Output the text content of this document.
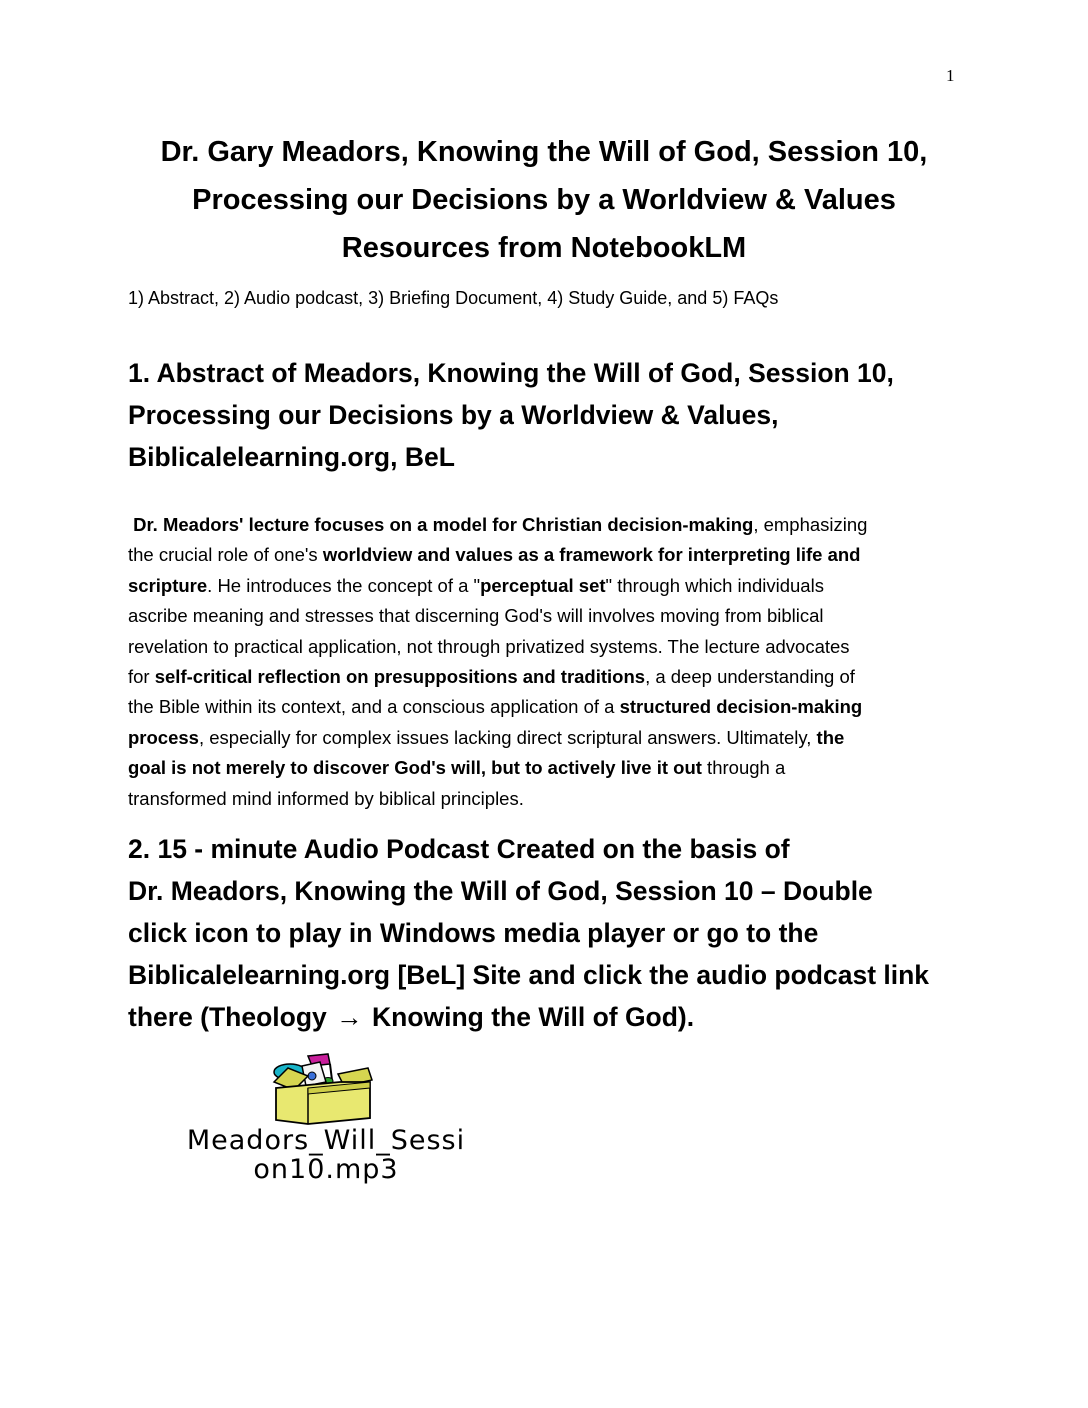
1
Dr. Gary Meadors, Knowing the Will of God, Session 10,
Processing our Decisions by a Worldview & Values
Resources from NotebookLM
1) Abstract, 2) Audio podcast, 3) Briefing Document, 4) Study Guide, and 5) FAQs
1. Abstract of Meadors, Knowing the Will of God, Session 10,
Processing our Decisions by a Worldview & Values,
Biblicalelearning.org, BeL
Dr. Meadors' lecture focuses on a model for Christian decision-making, emphasizing
the crucial role of one's worldview and values as a framework for interpreting life and
scripture. He introduces the concept of a "perceptual set" through which individuals
ascribe meaning and stresses that discerning God's will involves moving from biblical
revelation to practical application, not through privatized systems. The lecture advocates
for self-critical reflection on presuppositions and traditions, a deep understanding of
the Bible within its context, and a conscious application of a structured decision-making
process, especially for complex issues lacking direct scriptural answers. Ultimately, the
goal is not merely to discover God's will, but to actively live it out through a
transformed mind informed by biblical principles.
2. 15 - minute Audio Podcast Created on the basis of
Dr. Meadors, Knowing the Will of God, Session 10 – Double
click icon to play in Windows media player or go to the
Biblicalelearning.org [BeL] Site and click the audio podcast link
there (Theology → Knowing the Will of God).
Meadors_Will_Sessi
on10.mp3
